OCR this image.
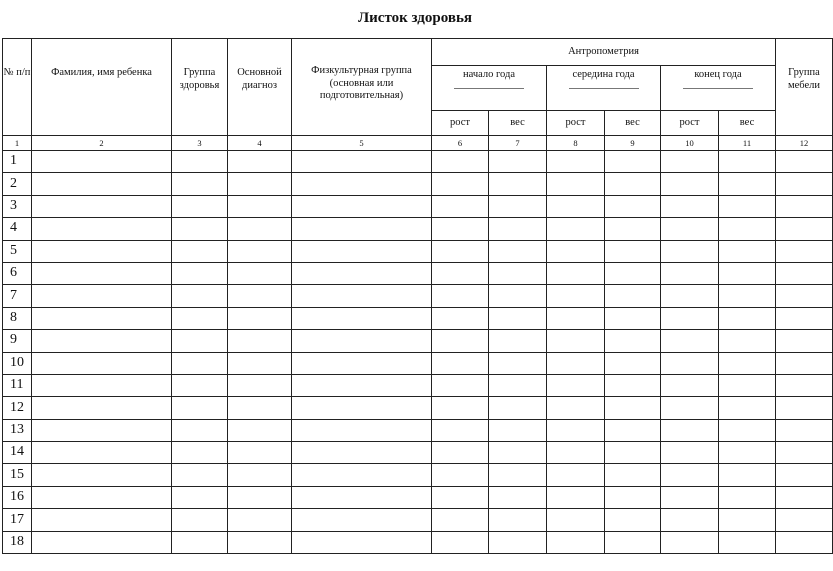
Листок здоровья
№ п/п	Фамилия, имя ребенка	Группа здоровья	Основной диагноз	Физкультурная группа (основная или подготовительная)	Антропометрия						Группа мебели
					начало года		середина года		конец года		

					рост	вес	рост	вес	рост	вес	
1	2	3	4	5	6	7	8	9	10	11	12
1											
2											
3											
4											
5											
6											
7											
8											
9											
10											
11											
12											
13											
14											
15											
16											
17											
18											
